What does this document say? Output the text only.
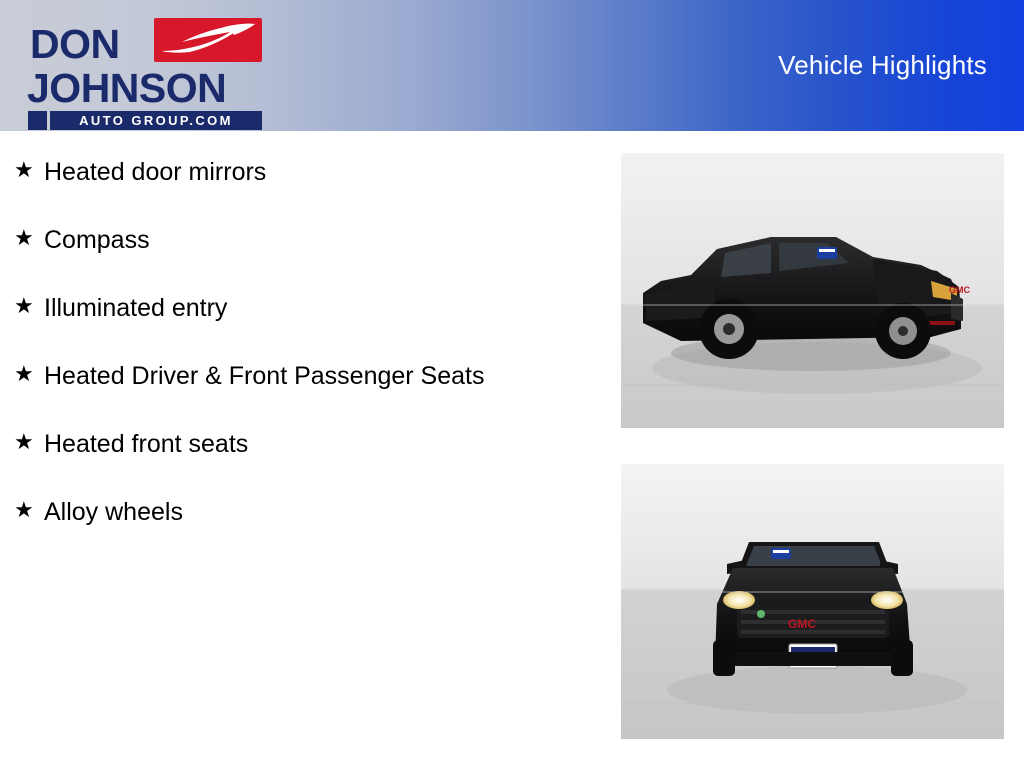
Vehicle Highlights
DON
JOHNSON
AUTO GROUP.COM
★ Heated door mirrors
★ Compass
★ Illuminated entry
★ Heated Driver & Front Passenger Seats
★ Heated front seats
★ Alloy wheels
GMC
GMC
